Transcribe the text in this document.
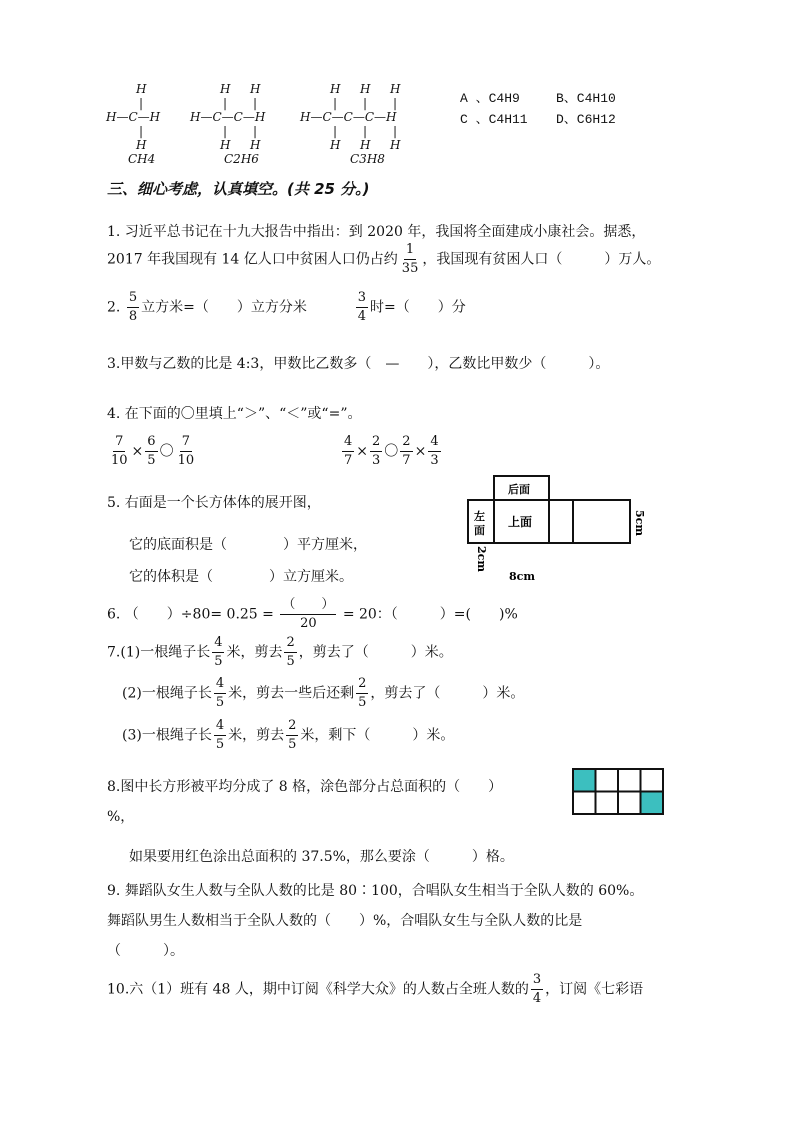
H
|
H—C—H
|
H
CH4
H H
| |
H—C—C—H
| |
H H
C2H6
H H H
| | |
H—C—C—C—H
| | |
H H H
C3H8
A 、C4H9	B、C4H10
C 、C4H11 D、C6H12
三、细心考虑，认真填空。(共 25 分。)
1. 习近平总书记在十九大报告中指出：到 2020 年，我国将全面建成小康社会。据悉，
2017 年我国现有 14 亿人口中贫困人口仍占约 $\frac{1}{35}$ ，我国现有贫困人口（　　　）万人。
2. $\frac{5}{8}$ 立方米=（　　）立方分米	$\frac{3}{4}$ 时=（　　）分
3.甲数与乙数的比是 4:3，甲数比乙数多（　—　　），乙数比甲数少（　　　）。
4. 在下面的〇里填上“＞”、“＜”或“=”。
$\frac{7}{10} \times \frac{6}{5}$ 〇 $\frac{7}{10}$	$\frac{4}{7} \times \frac{2}{3}$ 〇 $\frac{2}{7} \times \frac{4}{3}$
5. 右面是一个长方体体的展开图，
它的底面积是（　　　　）平方厘米，
它的体积是（　　　　）立方厘米。
后面
上面
左
面	5cm
2cm
8cm
6. （　　）$\div 80= 0.25 = \frac{( )}{20} = 20$：（　　　）=(　　)%
7.(1)一根绳子长 $\frac{4}{5}$ 米，剪去 $\frac{2}{5}$ ，剪去了（　　　）米。
(2)一根绳子长 $\frac{4}{5}$ 米，剪去一些后还剩 $\frac{2}{5}$ ，剪去了（　　　）米。
(3)一根绳子长 $\frac{4}{5}$ 米，剪去 $\frac{2}{5}$ 米，剩下（　　　）米。
8.图中长方形被平均分成了 8 格，涂色部分占总面积的（　　）
%，
如果要用红色涂出总面积的 37.5%，那么要涂（　　　）格。
9. 舞蹈队女生人数与全队人数的比是 80∶100，合唱队女生相当于全队人数的 60%。
舞蹈队男生人数相当于全队人数的（　　）%，合唱队女生与全队人数的比是
（　　　）。
10.六（1）班有 48 人，期中订阅《科学大众》的人数占全班人数的 $\frac{3}{4}$ ，订阅《七彩语
